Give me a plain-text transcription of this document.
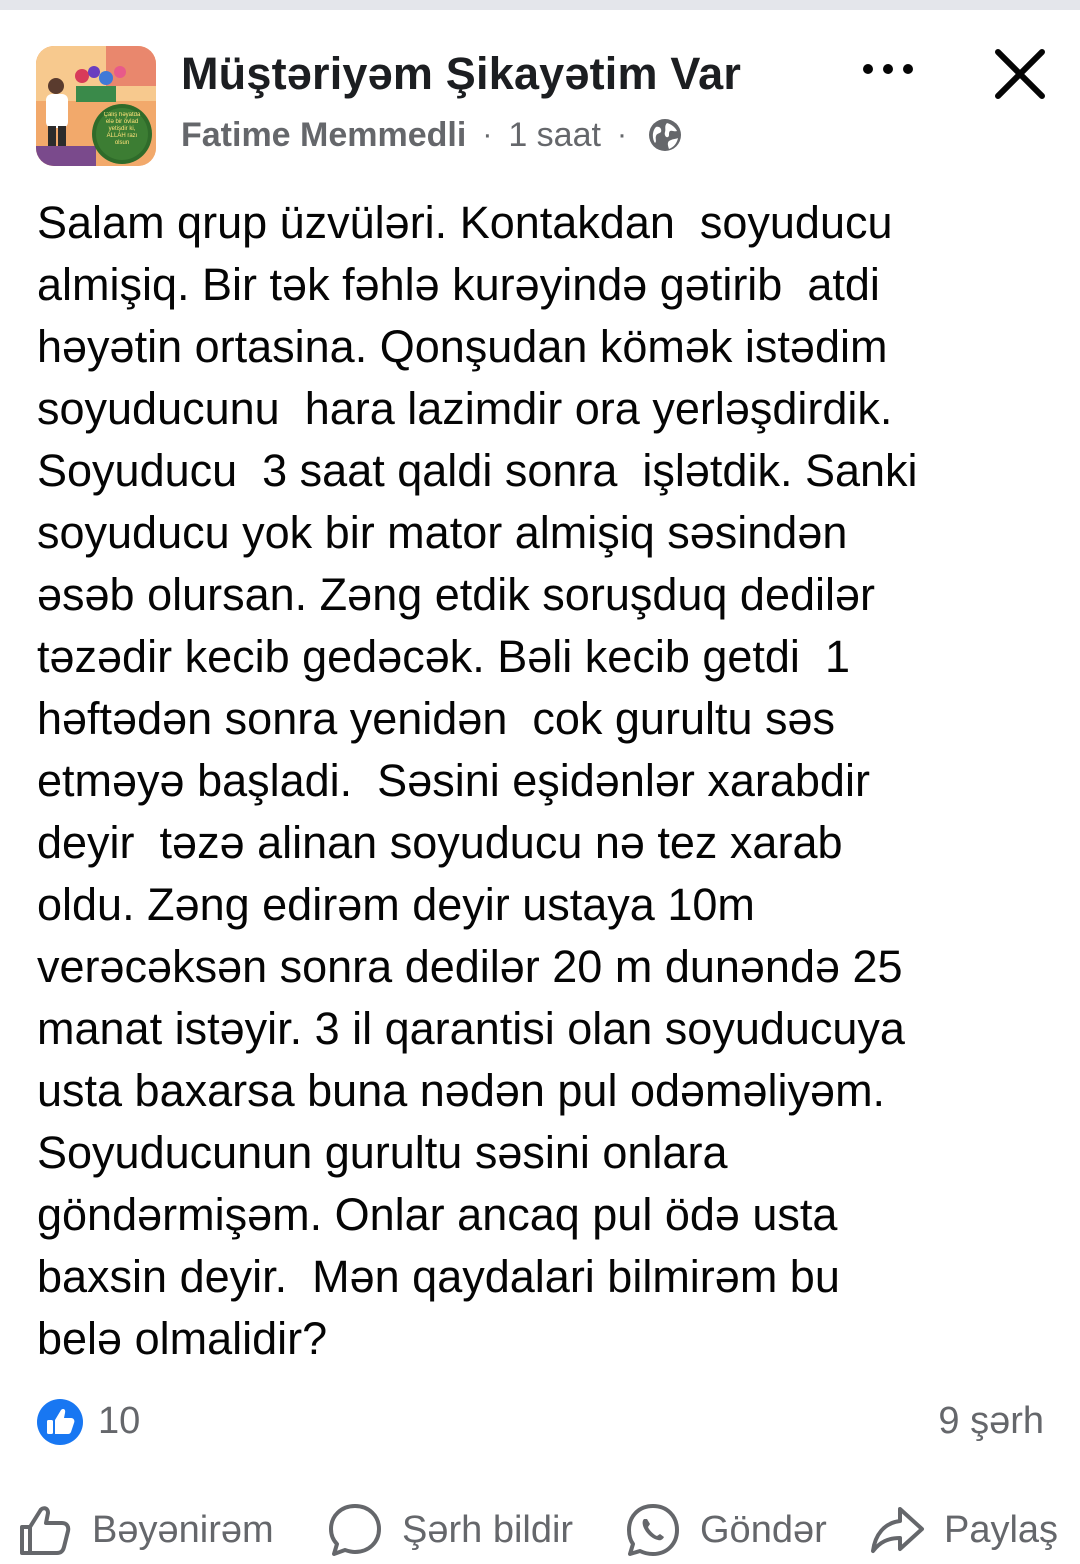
Çalış həyatda elə bir övlad yetişdir ki, ALLAH razı olsun
Müştəriyəm Şikayətim Var
Fatime Memmedli · 1 saat ·
Salam qrup üzvüləri. Kontakdan  soyuducu
almişiq. Bir tək fəhlə kurəyində gətirib  atdi
həyətin ortasina. Qonşudan kömək istədim
soyuducunu  hara lazimdir ora yerləşdirdik.
Soyuducu  3 saat qaldi sonra  işlətdik. Sanki
soyuducu yok bir mator almişiq səsindən
əsəb olursan. Zəng etdik soruşduq dedilər
təzədir kecib gedəcək. Bəli kecib getdi  1
həftədən sonra yenidən  cok gurultu səs
etməyə başladi.  Səsini eşidənlər xarabdir
deyir  təzə alinan soyuducu nə tez xarab
oldu. Zəng edirəm deyir ustaya 10m
verəcəksən sonra dedilər 20 m dunəndə 25
manat istəyir. 3 il qarantisi olan soyuducuya
usta baxarsa buna nədən pul odəməliyəm.
Soyuducunun gurultu səsini onlara
göndərmişəm. Onlar ancaq pul ödə usta
baxsin deyir.  Mən qaydalari bilmirəm bu
belə olmalidir?
10	9 şərh
Bəyənirəm	Şərh bildir	Göndər	Paylaş
